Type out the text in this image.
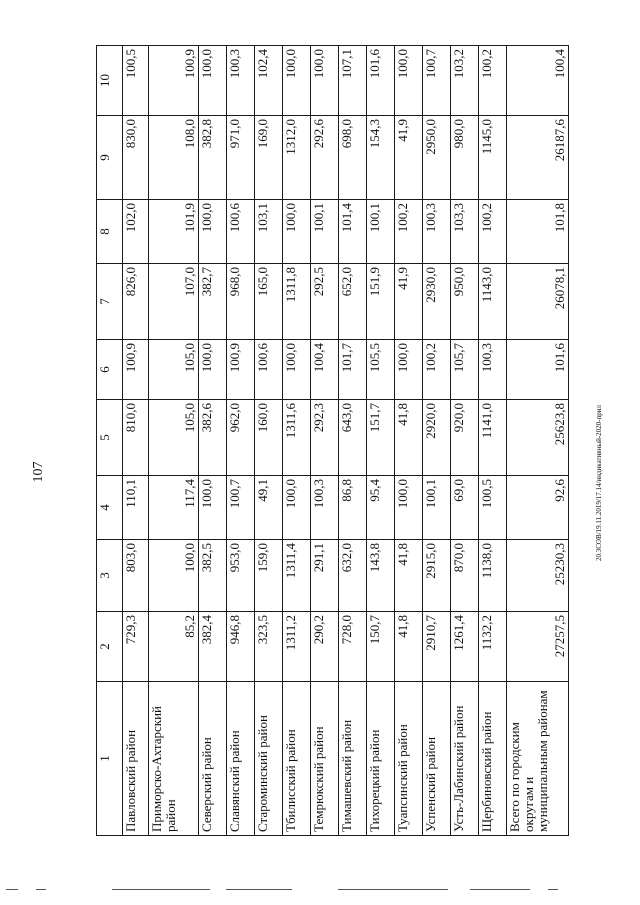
107
1	2	3	4	5	6	7	8	9	10
Павловский район	729,3	803,0	110,1	810,0	100,9	826,0	102,0	830,0	100,5
Приморско-Ахтарский район	85,2	100,0	117,4	105,0	105,0	107,0	101,9	108,0	100,9
Северский район	382,4	382,5	100,0	382,6	100,0	382,7	100,0	382,8	100,0
Славянский район	946,8	953,0	100,7	962,0	100,9	968,0	100,6	971,0	100,3
Староминский район	323,5	159,0	49,1	160,0	100,6	165,0	103,1	169,0	102,4
Тбилисский район	1311,2	1311,4	100,0	1311,6	100,0	1311,8	100,0	1312,0	100,0
Темрюкский район	290,2	291,1	100,3	292,3	100,4	292,5	100,1	292,6	100,0
Тимашевский район	728,0	632,0	86,8	643,0	101,7	652,0	101,4	698,0	107,1
Тихорецкий район	150,7	143,8	95,4	151,7	105,5	151,9	100,1	154,3	101,6
Туапсинский район	41,8	41,8	100,0	41,8	100,0	41,9	100,2	41,9	100,0
Успенский район	2910,7	2915,0	100,1	2920,0	100,2	2930,0	100,3	2950,0	100,7
Усть-Лабинский район	1261,4	870,0	69,0	920,0	105,7	950,0	103,3	980,0	103,2
Щербиновский район	1132,2	1138,0	100,5	1141,0	100,3	1143,0	100,2	1145,0	100,2
Всего по городским округам и муниципальным районам	27257,5	25230,3	92,6	25623,8	101,6	26078,1	101,8	26187,6	100,4
20.3СОВ/19.11.2019/17.14/индикативный-2020-прил
